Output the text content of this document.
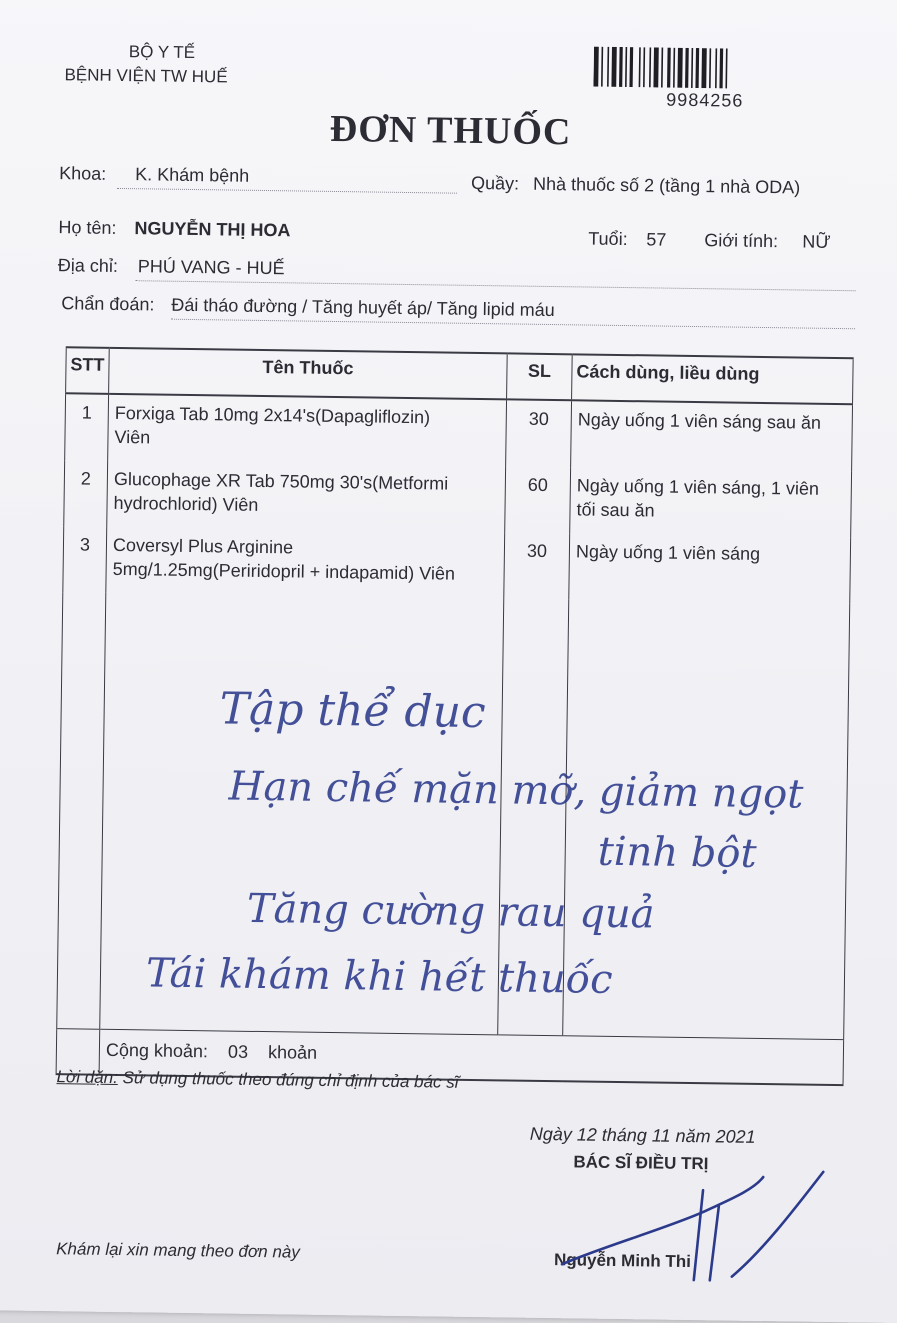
BỘ Y TẾ
BỆNH VIỆN TW HUẾ
9984256
ĐƠN THUỐC
Khoa: K. Khám bệnh	Quầy: Nhà thuốc số 2 (tầng 1 nhà ODA)
Họ tên: NGUYỄN THỊ HOA	Tuổi: 57 Giới tính: NỮ
Địa chỉ: PHÚ VANG - HUẾ
Chẩn đoán: Đái tháo đường / Tăng huyết áp/ Tăng lipid máu
STT	Tên Thuốc	SL	Cách dùng, liều dùng
1	Forxiga Tab 10mg 2x14's(Dapagliflozin)
Viên	30	Ngày uống 1 viên sáng sau ăn

2	Glucophage XR Tab 750mg 30's(Metformi
hydrochlorid) Viên	60	Ngày uống 1 viên sáng, 1 viên
tối sau ăn

3	Coversyl Plus Arginine
5mg/1.25mg(Periridopril + indapamid) Viên	30	Ngày uống 1 viên sáng

	Cộng khoản: 03 khoản		
Lời dặn: Sử dụng thuốc theo đúng chỉ định của bác sĩ
Ngày 12 tháng 11 năm 2021
BÁC SĨ ĐIỀU TRỊ
Khám lại xin mang theo đơn này	Nguyễn Minh Thi
Tập thể dục
Hạn chế mặn mỡ, giảm ngọt
tinh bột
Tăng cường rau quả
Tái khám khi hết thuốc
